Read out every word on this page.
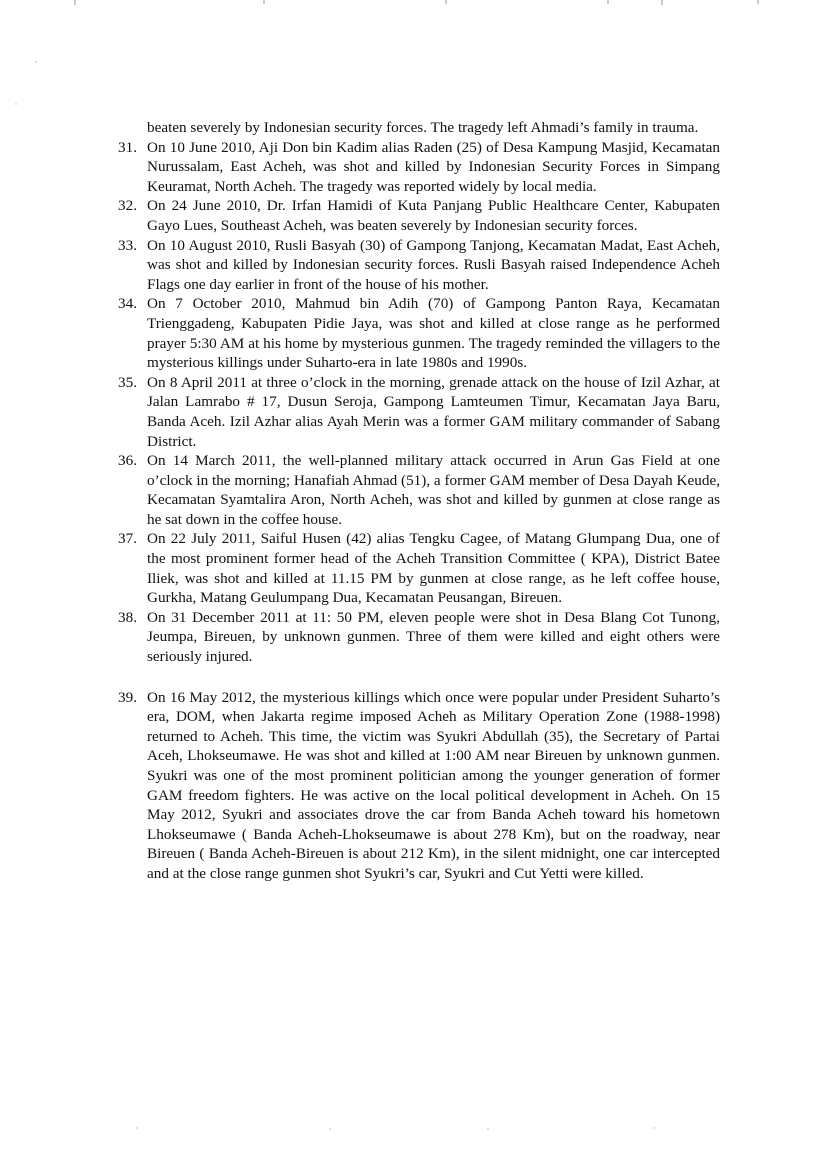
beaten severely by Indonesian security forces. The tragedy left Ahmadi’s family in trauma.

31. On 10 June 2010, Aji Don bin Kadim alias Raden (25) of Desa Kampung Masjid, Kecamatan Nurussalam, East Acheh, was shot and killed by Indonesian Security Forces in Simpang Keuramat, North Acheh. The tragedy was reported widely by local media.
32. On 24 June 2010, Dr. Irfan Hamidi of Kuta Panjang Public Healthcare Center, Kabupaten Gayo Lues, Southeast Acheh, was beaten severely by Indonesian security forces.
33. On 10 August 2010, Rusli Basyah (30) of Gampong Tanjong, Kecamatan Madat, East Acheh, was shot and killed by Indonesian security forces. Rusli Basyah raised Independence Acheh Flags one day earlier in front of the house of his mother.
34. On 7 October 2010, Mahmud bin Adih (70) of Gampong Panton Raya, Kecamatan Trienggadeng, Kabupaten Pidie Jaya, was shot and killed at close range as he performed prayer 5:30 AM at his home by mysterious gunmen. The tragedy reminded the villagers to the mysterious killings under Suharto-era in late 1980s and 1990s.
35. On 8 April 2011 at three o’clock in the morning, grenade attack on the house of Izil Azhar, at Jalan Lamrabo # 17, Dusun Seroja, Gampong Lamteumen Timur, Kecamatan Jaya Baru, Banda Aceh. Izil Azhar alias Ayah Merin was a former GAM military commander of Sabang District.
36. On 14 March 2011, the well-planned military attack occurred in Arun Gas Field at one o’clock in the morning; Hanafiah Ahmad (51), a former GAM member of Desa Dayah Keude, Kecamatan Syamtalira Aron, North Acheh, was shot and killed by gunmen at close range as he sat down in the coffee house.
37. On 22 July 2011, Saiful Husen (42) alias Tengku Cagee, of Matang Glumpang Dua, one of the most prominent former head of the Acheh Transition Committee ( KPA), District Batee Iliek, was shot and killed at 11.15 PM by gunmen at close range, as he left coffee house, Gurkha, Matang Geulumpang Dua, Kecamatan Peusangan, Bireuen.
38. On 31 December 2011 at 11: 50 PM, eleven people were shot in Desa Blang Cot Tunong, Jeumpa, Bireuen, by unknown gunmen. Three of them were killed and eight others were seriously injured.
39. On 16 May 2012, the mysterious killings which once were popular under President Suharto’s era, DOM, when Jakarta regime imposed Acheh as Military Operation Zone (1988-1998) returned to Acheh. This time, the victim was Syukri Abdullah (35), the Secretary of Partai Aceh, Lhokseumawe. He was shot and killed at 1:00 AM near Bireuen by unknown gunmen. Syukri was one of the most prominent politician among the younger generation of former GAM freedom fighters. He was active on the local political development in Acheh. On 15 May 2012, Syukri and associates drove the car from Banda Acheh toward his hometown Lhokseumawe ( Banda Acheh-Lhokseumawe is about 278 Km), but on the roadway, near Bireuen ( Banda Acheh-Bireuen is about 212 Km), in the silent midnight, one car intercepted and at the close range gunmen shot Syukri’s car, Syukri and Cut Yetti were killed.
